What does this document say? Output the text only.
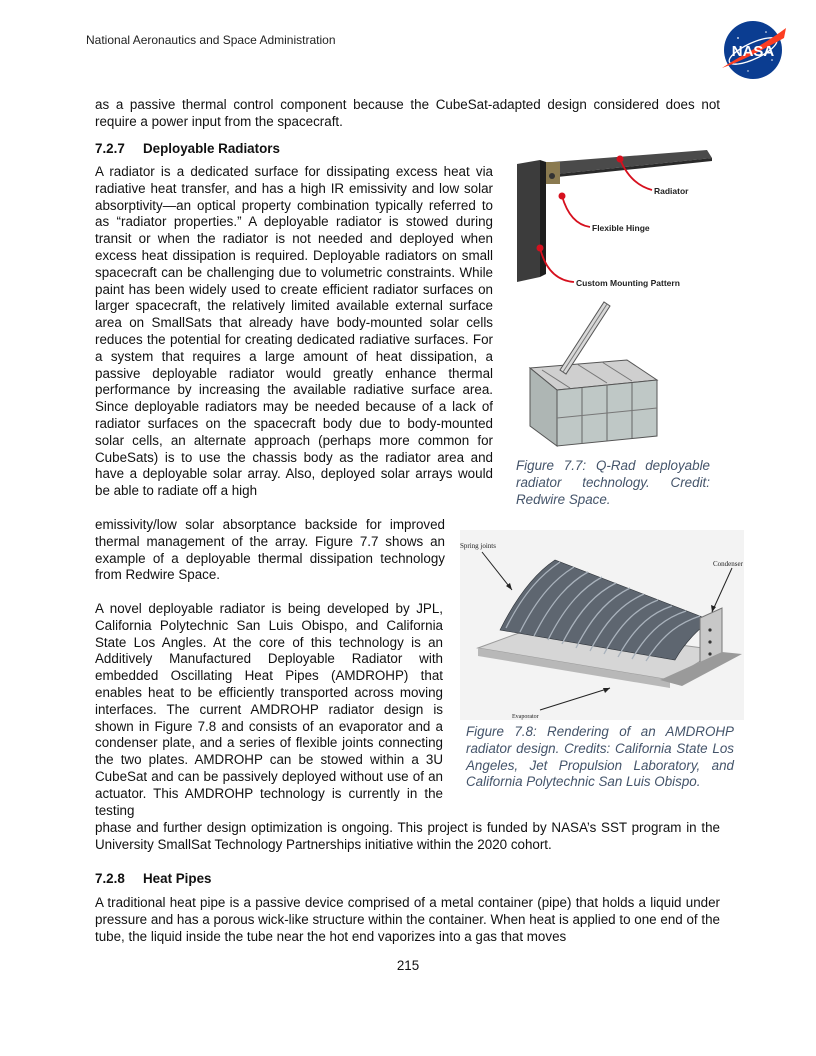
National Aeronautics and Space Administration
NASA

as a passive thermal control component because the CubeSat-adapted design considered does not require a power input from the spacecraft.

7.2.7 Deployable Radiators

A radiator is a dedicated surface for dissipating excess heat via radiative heat transfer, and has a high IR emissivity and low solar absorptivity—an optical property combination typically referred to as “radiator properties.” A deployable radiator is stowed during transit or when the radiator is not needed and deployed when excess heat dissipation is required. Deployable radiators on small spacecraft can be challenging due to volumetric constraints. While paint has been widely used to create efficient radiator surfaces on larger spacecraft, the relatively limited available external surface area on SmallSats that already have body-mounted solar cells reduces the potential for creating dedicated radiative surfaces. For a system that requires a large amount of heat dissipation, a passive deployable radiator would greatly enhance thermal performance by increasing the available radiative surface area. Since deployable radiators may be needed because of a lack of radiator surfaces on the spacecraft body due to body-mounted solar cells, an alternate approach (perhaps more common for CubeSats) is to use the chassis body as the radiator area and have a deployable solar array. Also, deployed solar arrays would be able to radiate off a high

emissivity/low solar absorptance backside for improved thermal management of the array. Figure 7.7 shows an example of a deployable thermal dissipation technology from Redwire Space.

Radiator
Flexible Hinge
Custom Mounting Pattern

Figure 7.7: Q-Rad deployable radiator technology. Credit: Redwire Space.

Spring joints
Condenser
Evaporator

A novel deployable radiator is being developed by JPL, California Polytechnic San Luis Obispo, and California State Los Angles. At the core of this technology is an Additively Manufactured Deployable Radiator with embedded Oscillating Heat Pipes (AMDROHP) that enables heat to be efficiently transported across moving interfaces. The current AMDROHP radiator design is shown in Figure 7.8 and consists of an evaporator and a condenser plate, and a series of flexible joints connecting the two plates. AMDROHP can be stowed within a 3U CubeSat and can be passively deployed without use of an actuator. This AMDROHP technology is currently in the testing

phase and further design optimization is ongoing. This project is funded by NASA’s SST program in the University SmallSat Technology Partnerships initiative within the 2020 cohort.

Figure 7.8: Rendering of an AMDROHP radiator design. Credits: California State Los Angeles, Jet Propulsion Laboratory, and California Polytechnic San Luis Obispo.

7.2.8 Heat Pipes

A traditional heat pipe is a passive device comprised of a metal container (pipe) that holds a liquid under pressure and has a porous wick-like structure within the container. When heat is applied to one end of the tube, the liquid inside the tube near the hot end vaporizes into a gas that moves

215
